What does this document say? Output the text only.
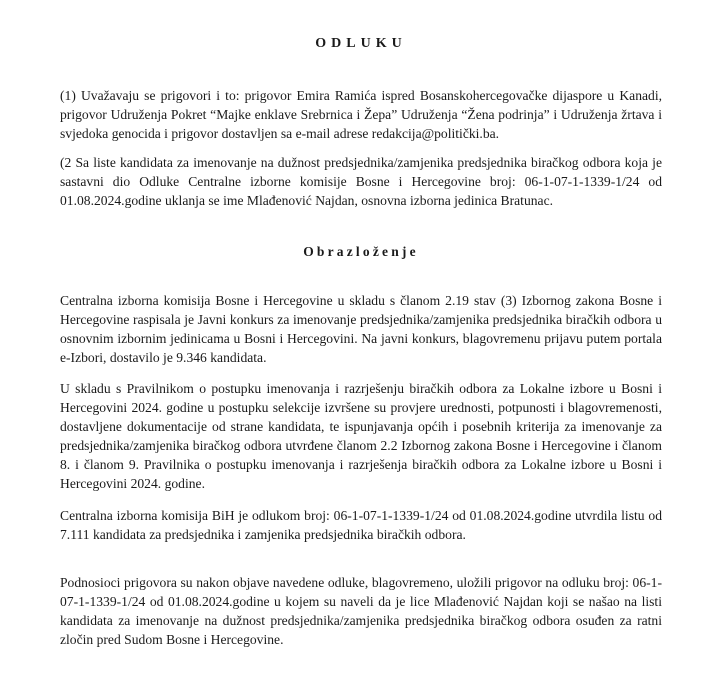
ODLUKU

(1) Uvažavaju se prigovori i to: prigovor Emira Ramića ispred Bosanskohercegovačke dijaspore u Kanadi, prigovor Udruženja Pokret “Majke enklave Srebrnica i Žepa” Udruženja “Žena podrinja” i Udruženja žrtava i svjedoka genocida i prigovor dostavljen sa e-mail adrese redakcija@politički.ba.

(2 Sa liste kandidata za imenovanje na dužnost predsjednika/zamjenika predsjednika biračkog odbora koja je sastavni dio Odluke Centralne izborne komisije Bosne i Hercegovine broj: 06-1-07-1-1339-1/24 od 01.08.2024.godine uklanja se ime Mlađenović Najdan, osnovna izborna jedinica Bratunac.

Obrazloženje

Centralna izborna komisija Bosne i Hercegovine u skladu s članom 2.19 stav (3) Izbornog zakona Bosne i Hercegovine raspisala je Javni konkurs za imenovanje predsjednika/zamjenika predsjednika biračkih odbora u osnovnim izbornim jedinicama u Bosni i Hercegovini. Na javni konkurs, blagovremenu prijavu putem portala e-Izbori, dostavilo je 9.346 kandidata.

U skladu s Pravilnikom o postupku imenovanja i razrješenju biračkih odbora za Lokalne izbore u Bosni i Hercegovini 2024. godine u postupku selekcije izvršene su provjere urednosti, potpunosti i blagovremenosti, dostavljene dokumentacije od strane kandidata, te ispunjavanja općih i posebnih kriterija za imenovanje za predsjednika/zamjenika biračkog odbora utvrđene članom 2.2 Izbornog zakona Bosne i Hercegovine i članom 8. i članom 9. Pravilnika o postupku imenovanja i razrješenja biračkih odbora za Lokalne izbore u Bosni i Hercegovini 2024. godine.

Centralna izborna komisija BiH je odlukom broj: 06-1-07-1-1339-1/24 od 01.08.2024.godine utvrdila listu od 7.111 kandidata za predsjednika i zamjenika predsjednika biračkih odbora.

Podnosioci prigovora su nakon objave navedene odluke, blagovremeno, uložili prigovor na odluku broj: 06-1-07-1-1339-1/24 od 01.08.2024.godine u kojem su naveli da je lice Mlađenović Najdan koji se našao na listi kandidata za imenovanje na dužnost predsjednika/zamjenika predsjednika biračkog odbora osuđen za ratni zločin pred Sudom Bosne i Hercegovine.
